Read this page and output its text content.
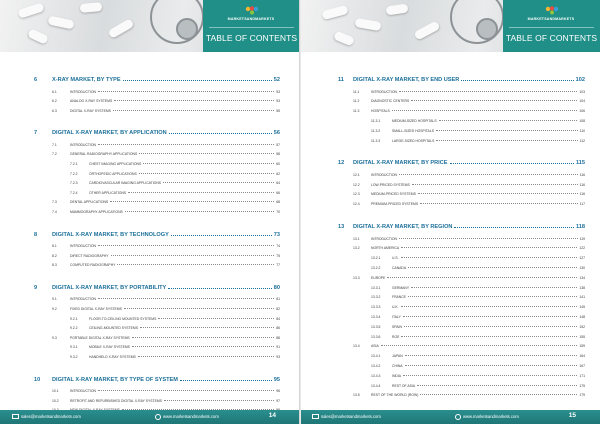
MARKETSANDMARKETS
TABLE OF CONTENTS
6	X-RAY MARKET, BY TYPE	52
6.1	INTRODUCTION	53
6.2	ANALOG X-RAY SYSTEMS	53
6.3	DIGITAL X-RAY SYSTEMS	55
7	DIGITAL X-RAY MARKET, BY APPLICATION	56
7.1	INTRODUCTION	57
7.2	GENERAL RADIOGRAPHY APPLICATIONS	58
7.2.1	CHEST IMAGING APPLICATIONS	60
7.2.2	ORTHOPEDIC APPLICATIONS	62
7.2.3	CARDIOVASCULAR IMAGING APPLICATIONS	64
7.2.4	OTHER APPLICATIONS	66
7.3	DENTAL APPLICATIONS	68
7.4	MAMMOGRAPHY APPLICATIONS	70
8	DIGITAL X-RAY MARKET, BY TECHNOLOGY	73
8.1	INTRODUCTION	74
8.2	DIRECT RADIOGRAPHY	75
8.3	COMPUTED RADIOGRAPHY	77
9	DIGITAL X-RAY MARKET, BY PORTABILITY	80
9.1	INTRODUCTION	81
9.2	FIXED DIGITAL X-RAY SYSTEMS	82
9.2.1	FLOOR-TO-CEILING MOUNTED SYSTEMS	84
9.2.2	CEILING-MOUNTED SYSTEMS	86
9.3	PORTABLE DIGITAL X-RAY SYSTEMS	88
9.3.1	MOBILE X-RAY SYSTEMS	91
9.3.2	HANDHELD X-RAY SYSTEMS	93
10 DIGITAL X-RAY MARKET, BY TYPE OF SYSTEM	95
10.1	INTRODUCTION	96
10.2	RETROFIT AND REFURBISHED DIGITAL X-RAY SYSTEMS	97
sales@marketsandmarkets.com	www.marketsandmarkets.com	14
MARKETSANDMARKETS
TABLE OF CONTENTS
11 DIGITAL X-RAY MARKET, BY END USER	102
11.1	INTRODUCTION	103
11.2	DIAGNOSTIC CENTERS	104
11.3	HOSPITALS	106
11.3.1	MEDIUM-SIZED HOSPITALS	108
11.3.2	SMALL-SIZED HOSPITALS	110
11.3.3	LARGE-SIZED HOSPITALS	112
12 DIGITAL X-RAY MARKET, BY PRICE	115
12.1	INTRODUCTION	116
12.2	LOW-PRICED SYSTEMS	116
12.3	MEDIUM-PRICED SYSTEMS	116
12.4	PREMIUM-PRICED SYSTEMS	117
13 DIGITAL X-RAY MARKET, BY REGION	118
13.1	INTRODUCTION	119
13.2	NORTH AMERICA	122
13.2.1	U.S.	127
13.2.2	CANADA	130
13.3	EUROPE	134
13.3.1	GERMANY	138
13.3.2	FRANCE	141
13.3.3	U.K.	145
13.3.4	ITALY	148
13.3.5	SPAIN	152
13.3.6	ROE	155
13.4	ASIA	159
13.4.1	JAPAN	164
13.4.2	CHINA	167
13.4.3	INDIA	171
13.4.4	REST OF ASIA	175
13.5	REST OF THE WORLD (ROW)	179
sales@marketsandmarkets.com	www.marketsandmarkets.com	15
